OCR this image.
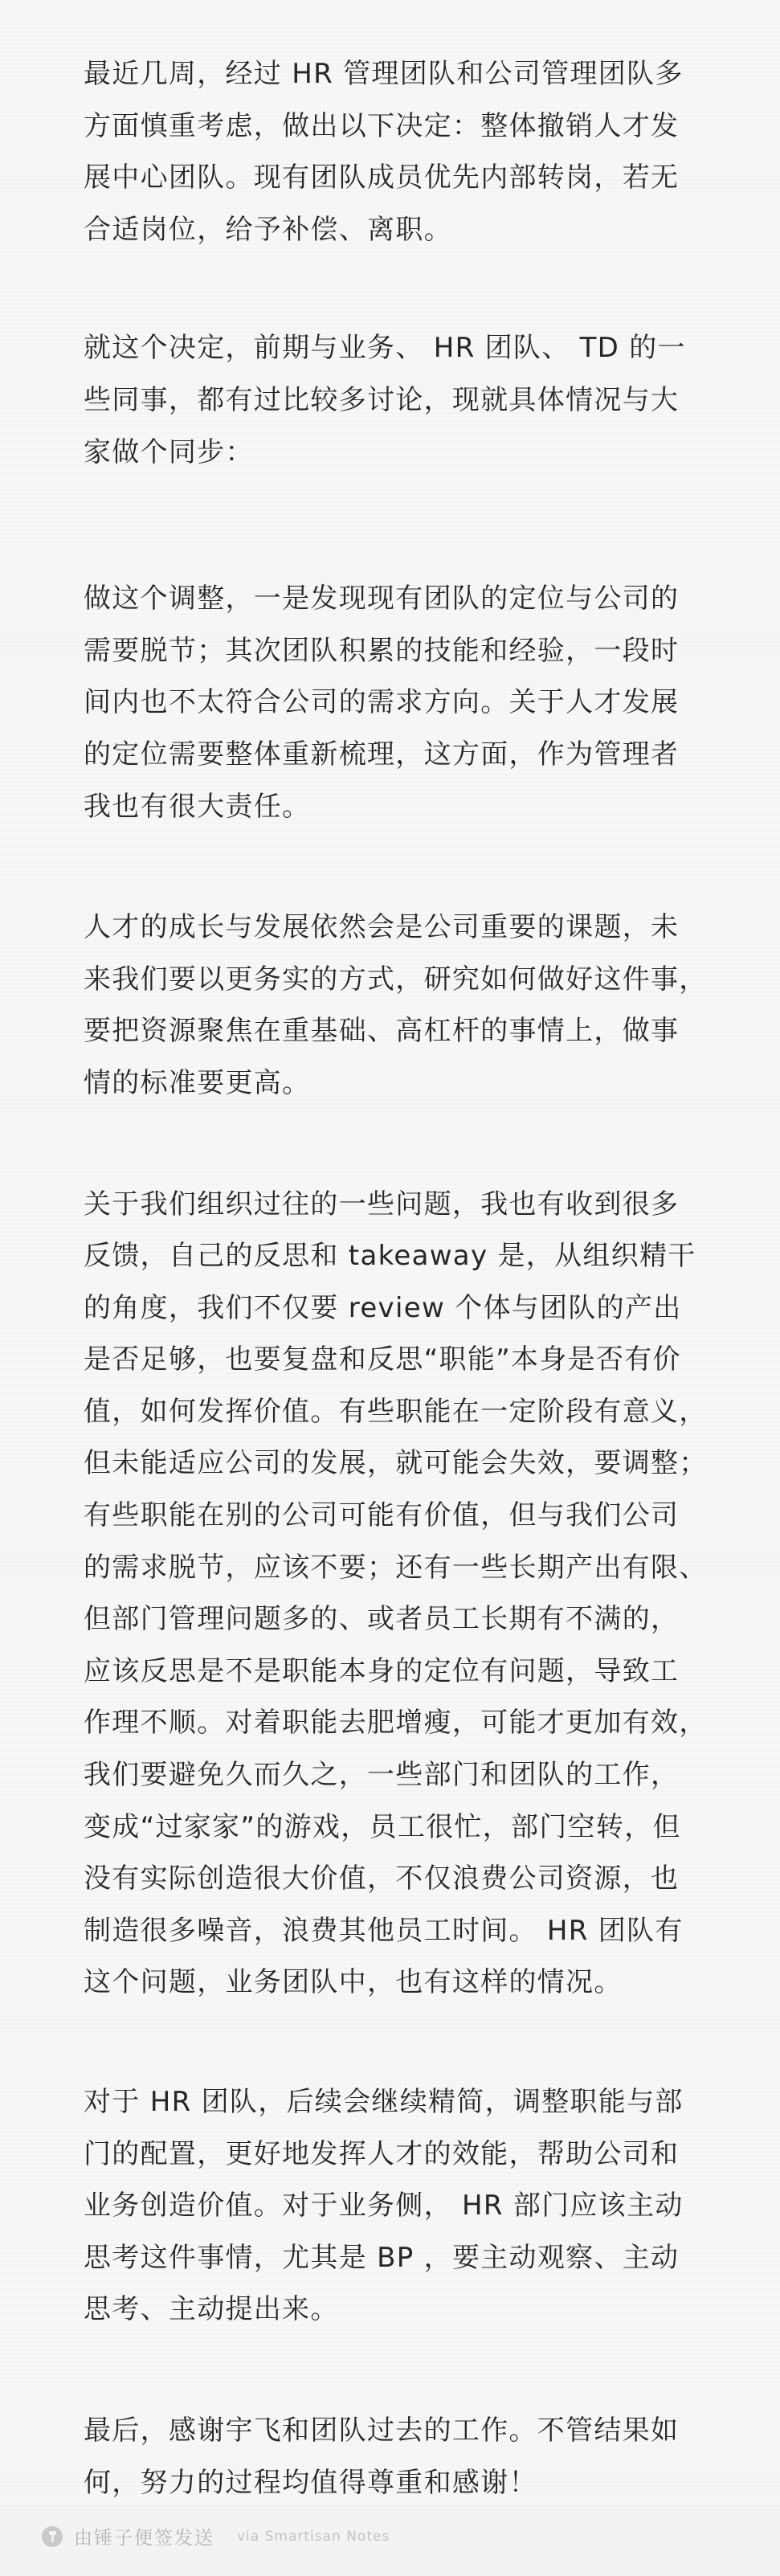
最近几周，经过 HR 管理团队和公司管理团队多
方面慎重考虑，做出以下决定：整体撤销人才发
展中心团队。现有团队成员优先内部转岗，若无
合适岗位，给予补偿、离职。

就这个决定，前期与业务、 HR 团队、 TD 的一
些同事，都有过比较多讨论，现就具体情况与大
家做个同步：

做这个调整，一是发现现有团队的定位与公司的
需要脱节；其次团队积累的技能和经验，一段时
间内也不太符合公司的需求方向。关于人才发展
的定位需要整体重新梳理，这方面，作为管理者
我也有很大责任。

人才的成长与发展依然会是公司重要的课题，未
来我们要以更务实的方式，研究如何做好这件事，
要把资源聚焦在重基础、高杠杆的事情上，做事
情的标准要更高。

关于我们组织过往的一些问题，我也有收到很多
反馈，自己的反思和 takeaway 是，从组织精干
的角度，我们不仅要 review 个体与团队的产出
是否足够，也要复盘和反思“职能”本身是否有价
值，如何发挥价值。有些职能在一定阶段有意义，
但未能适应公司的发展，就可能会失效，要调整；
有些职能在别的公司可能有价值，但与我们公司
的需求脱节，应该不要；还有一些长期产出有限、
但部门管理问题多的、或者员工长期有不满的，
应该反思是不是职能本身的定位有问题，导致工
作理不顺。对着职能去肥增瘦，可能才更加有效，
我们要避免久而久之，一些部门和团队的工作，
变成“过家家”的游戏，员工很忙，部门空转，但
没有实际创造很大价值，不仅浪费公司资源，也
制造很多噪音，浪费其他员工时间。 HR 团队有
这个问题，业务团队中，也有这样的情况。

对于 HR 团队，后续会继续精简，调整职能与部
门的配置，更好地发挥人才的效能，帮助公司和
业务创造价值。对于业务侧， HR 部门应该主动
思考这件事情，尤其是 BP ，要主动观察、主动
思考、主动提出来。

最后，感谢宇飞和团队过去的工作。不管结果如
何，努力的过程均值得尊重和感谢！

由锤子便签发送 via Smartisan Notes
